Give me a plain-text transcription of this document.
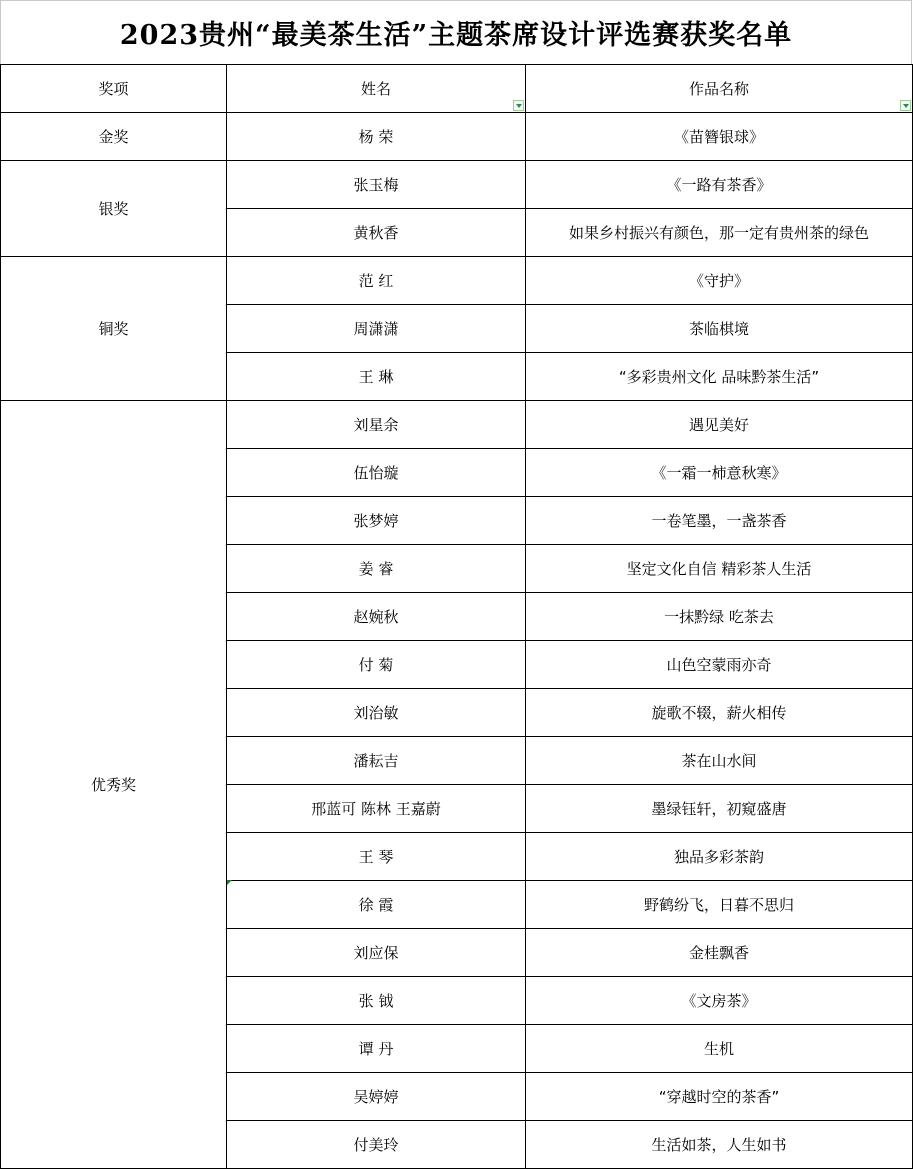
2023贵州“最美茶生活”主题茶席设计评选赛获奖名单
奖项	姓名	作品名称

金奖	杨 荣	《苗簪银球》
银奖	张玉梅	《一路有茶香》
	黄秋香	如果乡村振兴有颜色，那一定有贵州茶的绿色
铜奖	范 红	《守护》
	周潇潇	茶临棋境
	王 琳	“多彩贵州文化 品味黔茶生活”
优秀奖	刘星余	遇见美好
	伍怡璇	《一霜一柿意秋寒》
	张梦婷	一卷笔墨，一盏茶香
	姜 睿	坚定文化自信 精彩茶人生活
	赵婉秋	一抹黔绿 吃茶去
	付 菊	山色空蒙雨亦奇
	刘治敏	旋歌不辍，薪火相传
	潘耘吉	茶在山水间
	邢蓝可 陈林 王嘉蔚	墨绿钰轩，初窥盛唐
	王 琴	独品多彩茶韵
	徐 霞	野鹤纷飞，日暮不思归
	刘应保	金桂飘香
	张 钺	《文房茶》
	谭 丹	生机
	吴婷婷	“穿越时空的茶香”
	付美玲	生活如茶，人生如书
